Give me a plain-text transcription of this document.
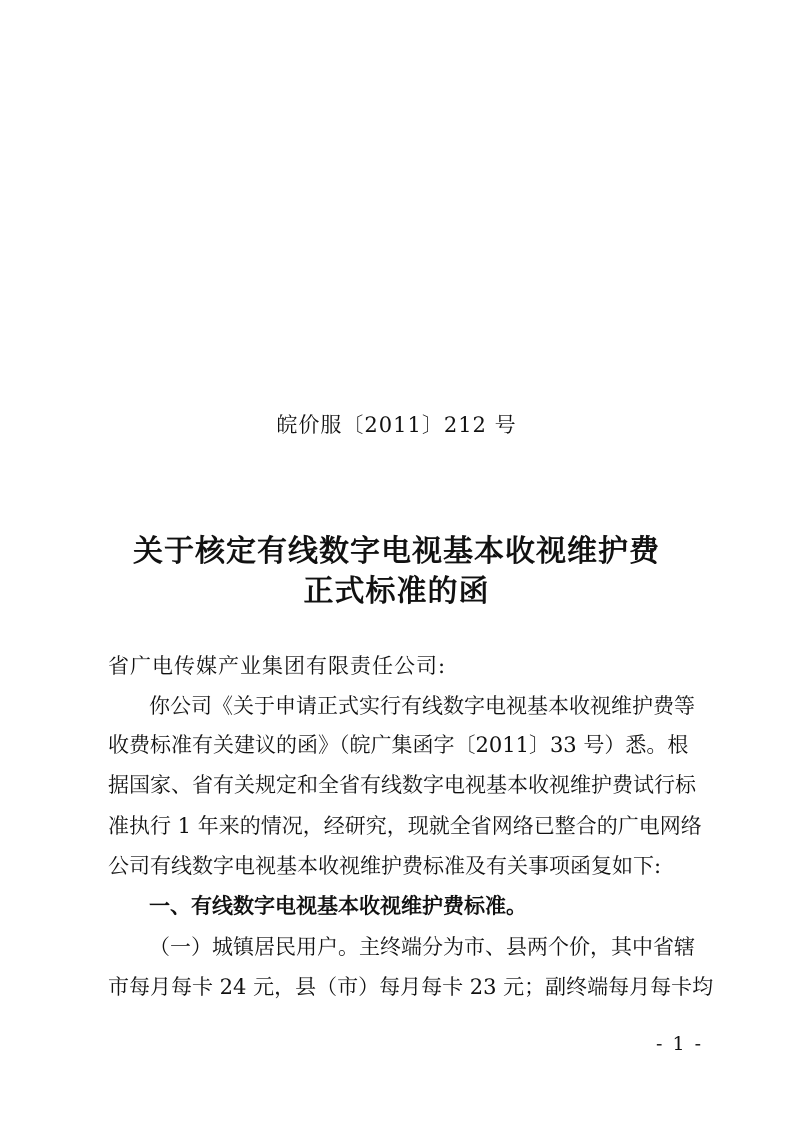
皖价服〔2011〕212 号
关于核定有线数字电视基本收视维护费
正式标准的函
省广电传媒产业集团有限责任公司:
你公司《关于申请正式实行有线数字电视基本收视维护费等
收费标准有关建议的函》（皖广集函字〔2011〕33 号）悉。根
据国家、省有关规定和全省有线数字电视基本收视维护费试行标
准执行 1 年来的情况，经研究，现就全省网络已整合的广电网络
公司有线数字电视基本收视维护费标准及有关事项函复如下:
一、有线数字电视基本收视维护费标准。
（一）城镇居民用户。主终端分为市、县两个价，其中省辖
市每月每卡 24 元，县（市）每月每卡 23 元；副终端每月每卡均
- 1 -
